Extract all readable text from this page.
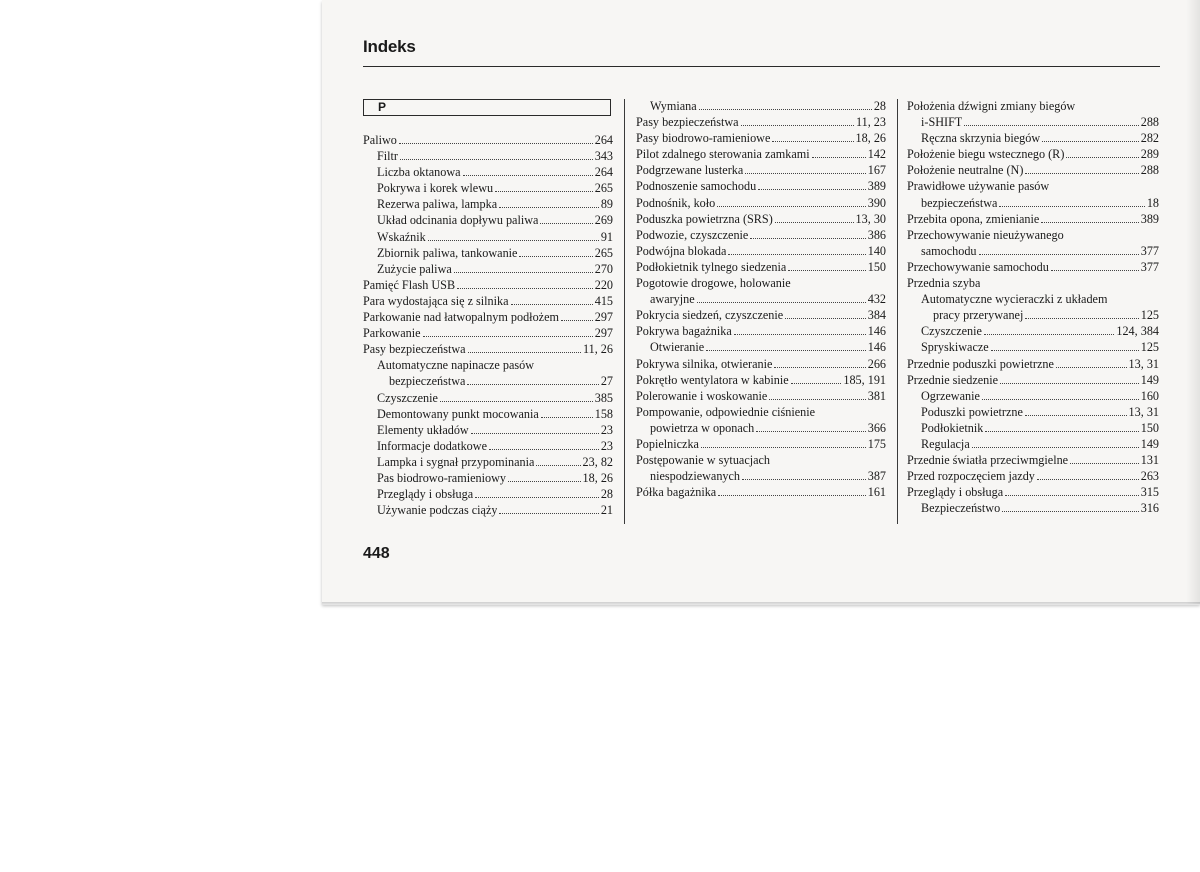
Indeks
P
Paliwo	264
Filtr	343
Liczba oktanowa	264
Pokrywa i korek wlewu	265
Rezerwa paliwa, lampka	89
Układ odcinania dopływu paliwa	269
Wskaźnik	91
Zbiornik paliwa, tankowanie	265
Zużycie paliwa	270
Pamięć Flash USB	220
Para wydostająca się z silnika	415
Parkowanie nad łatwopalnym podłożem	297
Parkowanie	297
Pasy bezpieczeństwa	11, 26
Automatyczne napinacze pasów
bezpieczeństwa	27
Czyszczenie	385
Demontowany punkt mocowania	158
Elementy układów	23
Informacje dodatkowe	23
Lampka i sygnał przypominania	23, 82
Pas biodrowo-ramieniowy	18, 26
Przeglądy i obsługa	28
Używanie podczas ciąży	21
Wymiana	28
Pasy bezpieczeństwa	11, 23
Pasy biodrowo-ramieniowe	18, 26
Pilot zdalnego sterowania zamkami	142
Podgrzewane lusterka	167
Podnoszenie samochodu	389
Podnośnik, koło	390
Poduszka powietrzna (SRS)	13, 30
Podwozie, czyszczenie	386
Podwójna blokada	140
Podłokietnik tylnego siedzenia	150
Pogotowie drogowe, holowanie
awaryjne	432
Pokrycia siedzeń, czyszczenie	384
Pokrywa bagażnika	146
Otwieranie	146
Pokrywa silnika, otwieranie	266
Pokrętło wentylatora w kabinie	185, 191
Polerowanie i woskowanie	381
Pompowanie, odpowiednie ciśnienie
powietrza w oponach	366
Popielniczka	175
Postępowanie w sytuacjach
niespodziewanych	387
Półka bagażnika	161
Położenia dźwigni zmiany biegów
i-SHIFT	288
Ręczna skrzynia biegów	282
Położenie biegu wstecznego (R)	289
Położenie neutralne (N)	288
Prawidłowe używanie pasów
bezpieczeństwa	18
Przebita opona, zmienianie	389
Przechowywanie nieużywanego
samochodu	377
Przechowywanie samochodu	377
Przednia szyba
Automatyczne wycieraczki z układem
pracy przerywanej	125
Czyszczenie	124, 384
Spryskiwacze	125
Przednie poduszki powietrzne	13, 31
Przednie siedzenie	149
Ogrzewanie	160
Poduszki powietrzne	13, 31
Podłokietnik	150
Regulacja	149
Przednie światła przeciwmgielne	131
Przed rozpoczęciem jazdy	263
Przeglądy i obsługa	315
Bezpieczeństwo	316
448
